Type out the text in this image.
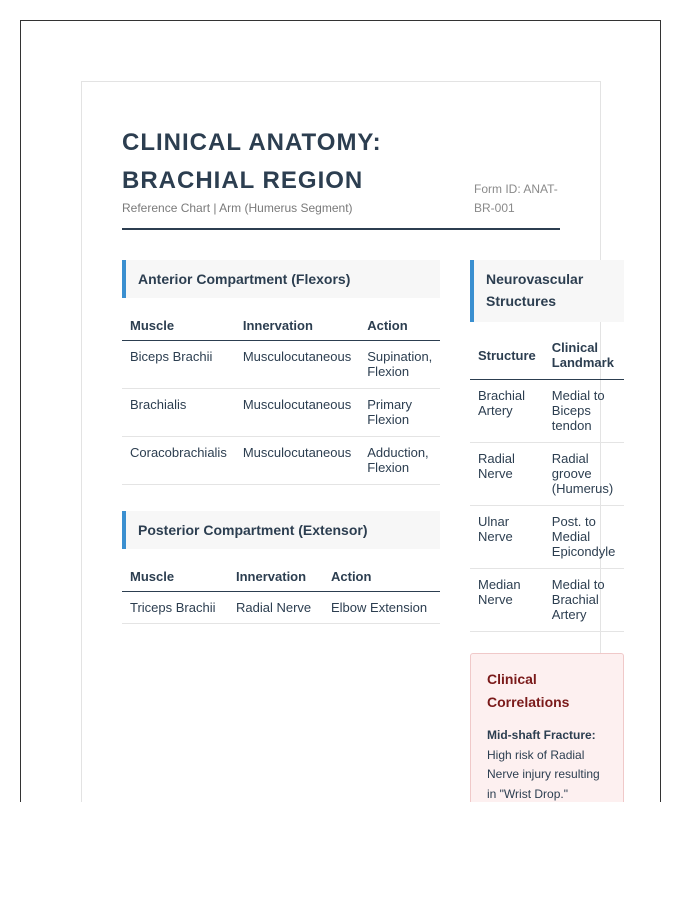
CLINICAL ANATOMY: BRACHIAL REGION
Reference Chart | Arm (Humerus Segment)
Form ID: ANAT-BR-001
Anterior Compartment (Flexors)
Muscle	Innervation	Action
Biceps Brachii	Musculocutaneous	Supination, Flexion
Brachialis	Musculocutaneous	Primary Flexion
Coracobrachialis	Musculocutaneous	Adduction, Flexion
Posterior Compartment (Extensor)
Muscle	Innervation	Action
Triceps Brachii	Radial Nerve	Elbow Extension
Neurovascular Structures
Structure	Clinical Landmark
Brachial Artery	Medial to Biceps tendon
Radial Nerve	Radial groove (Humerus)
Ulnar Nerve	Post. to Medial Epicondyle
Median Nerve	Medial to Brachial Artery
Clinical Correlations
Mid-shaft Fracture: High risk of Radial Nerve injury resulting in "Wrist Drop."
